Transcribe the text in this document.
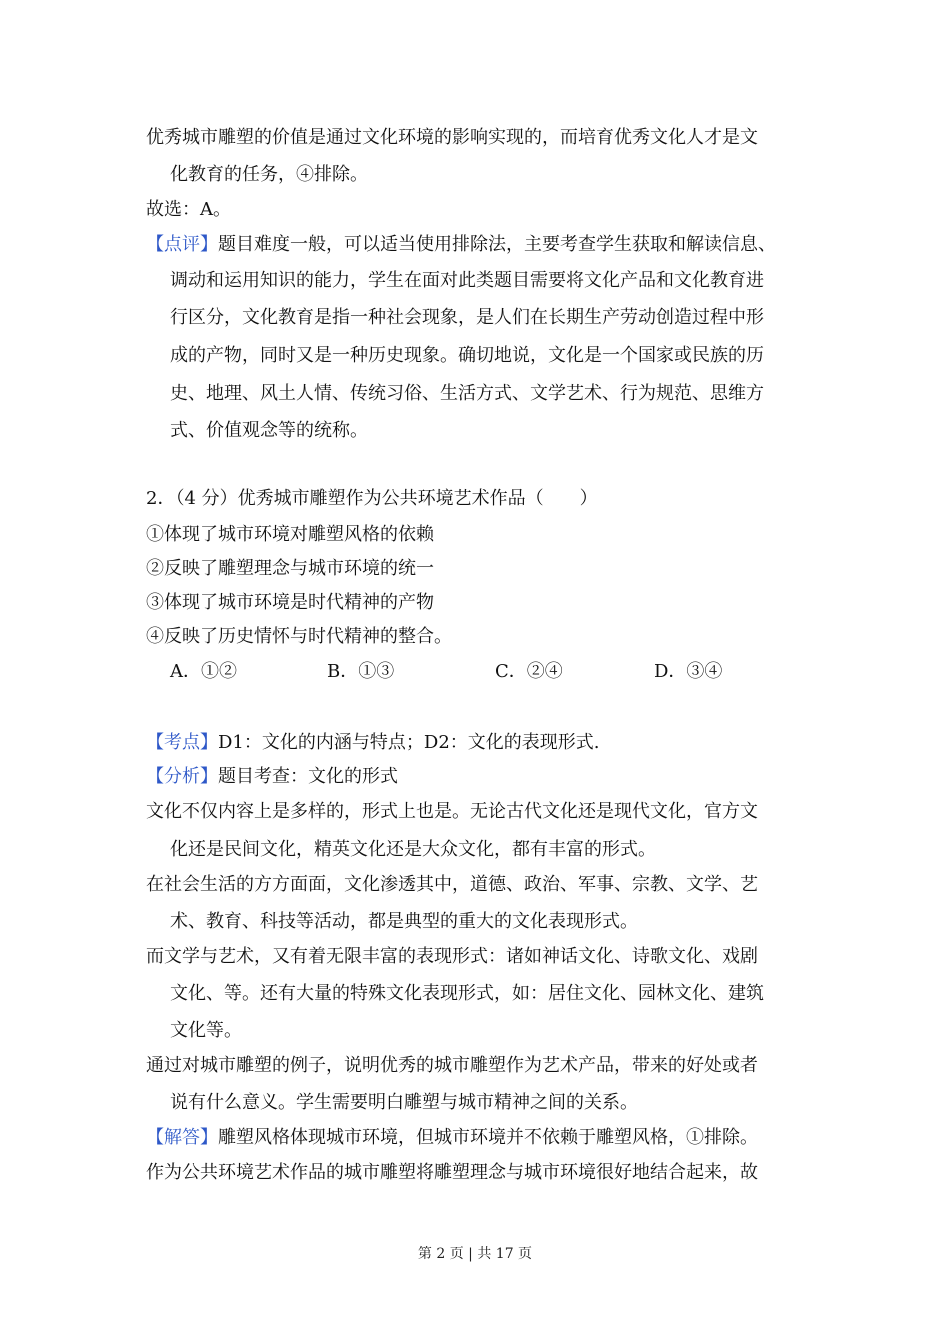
优秀城市雕塑的价值是通过文化环境的影响实现的，而培育优秀文化人才是文
化教育的任务，④排除。
故选：A。
【点评】题目难度一般，可以适当使用排除法，主要考查学生获取和解读信息、
调动和运用知识的能力，学生在面对此类题目需要将文化产品和文化教育进
行区分，文化教育是指一种社会现象，是人们在长期生产劳动创造过程中形
成的产物，同时又是一种历史现象。确切地说，文化是一个国家或民族的历
史、地理、风土人情、传统习俗、生活方式、文学艺术、行为规范、思维方
式、价值观念等的统称。
2．（4 分）优秀城市雕塑作为公共环境艺术作品（　　）
①体现了城市环境对雕塑风格的依赖
②反映了雕塑理念与城市环境的统一
③体现了城市环境是时代精神的产物
④反映了历史情怀与时代精神的整合。
A．①②	B．①③	C．②④	D．③④
【考点】D1：文化的内涵与特点；D2：文化的表现形式.
【分析】题目考查：文化的形式
文化不仅内容上是多样的，形式上也是。无论古代文化还是现代文化，官方文
化还是民间文化，精英文化还是大众文化，都有丰富的形式。
在社会生活的方方面面，文化渗透其中，道德、政治、军事、宗教、文学、艺
术、教育、科技等活动，都是典型的重大的文化表现形式。
而文学与艺术，又有着无限丰富的表现形式：诸如神话文化、诗歌文化、戏剧
文化、等。还有大量的特殊文化表现形式，如：居住文化、园林文化、建筑
文化等。
通过对城市雕塑的例子，说明优秀的城市雕塑作为艺术产品，带来的好处或者
说有什么意义。学生需要明白雕塑与城市精神之间的关系。
【解答】雕塑风格体现城市环境，但城市环境并不依赖于雕塑风格，①排除。
作为公共环境艺术作品的城市雕塑将雕塑理念与城市环境很好地结合起来，故
第 2 页 | 共 17 页
